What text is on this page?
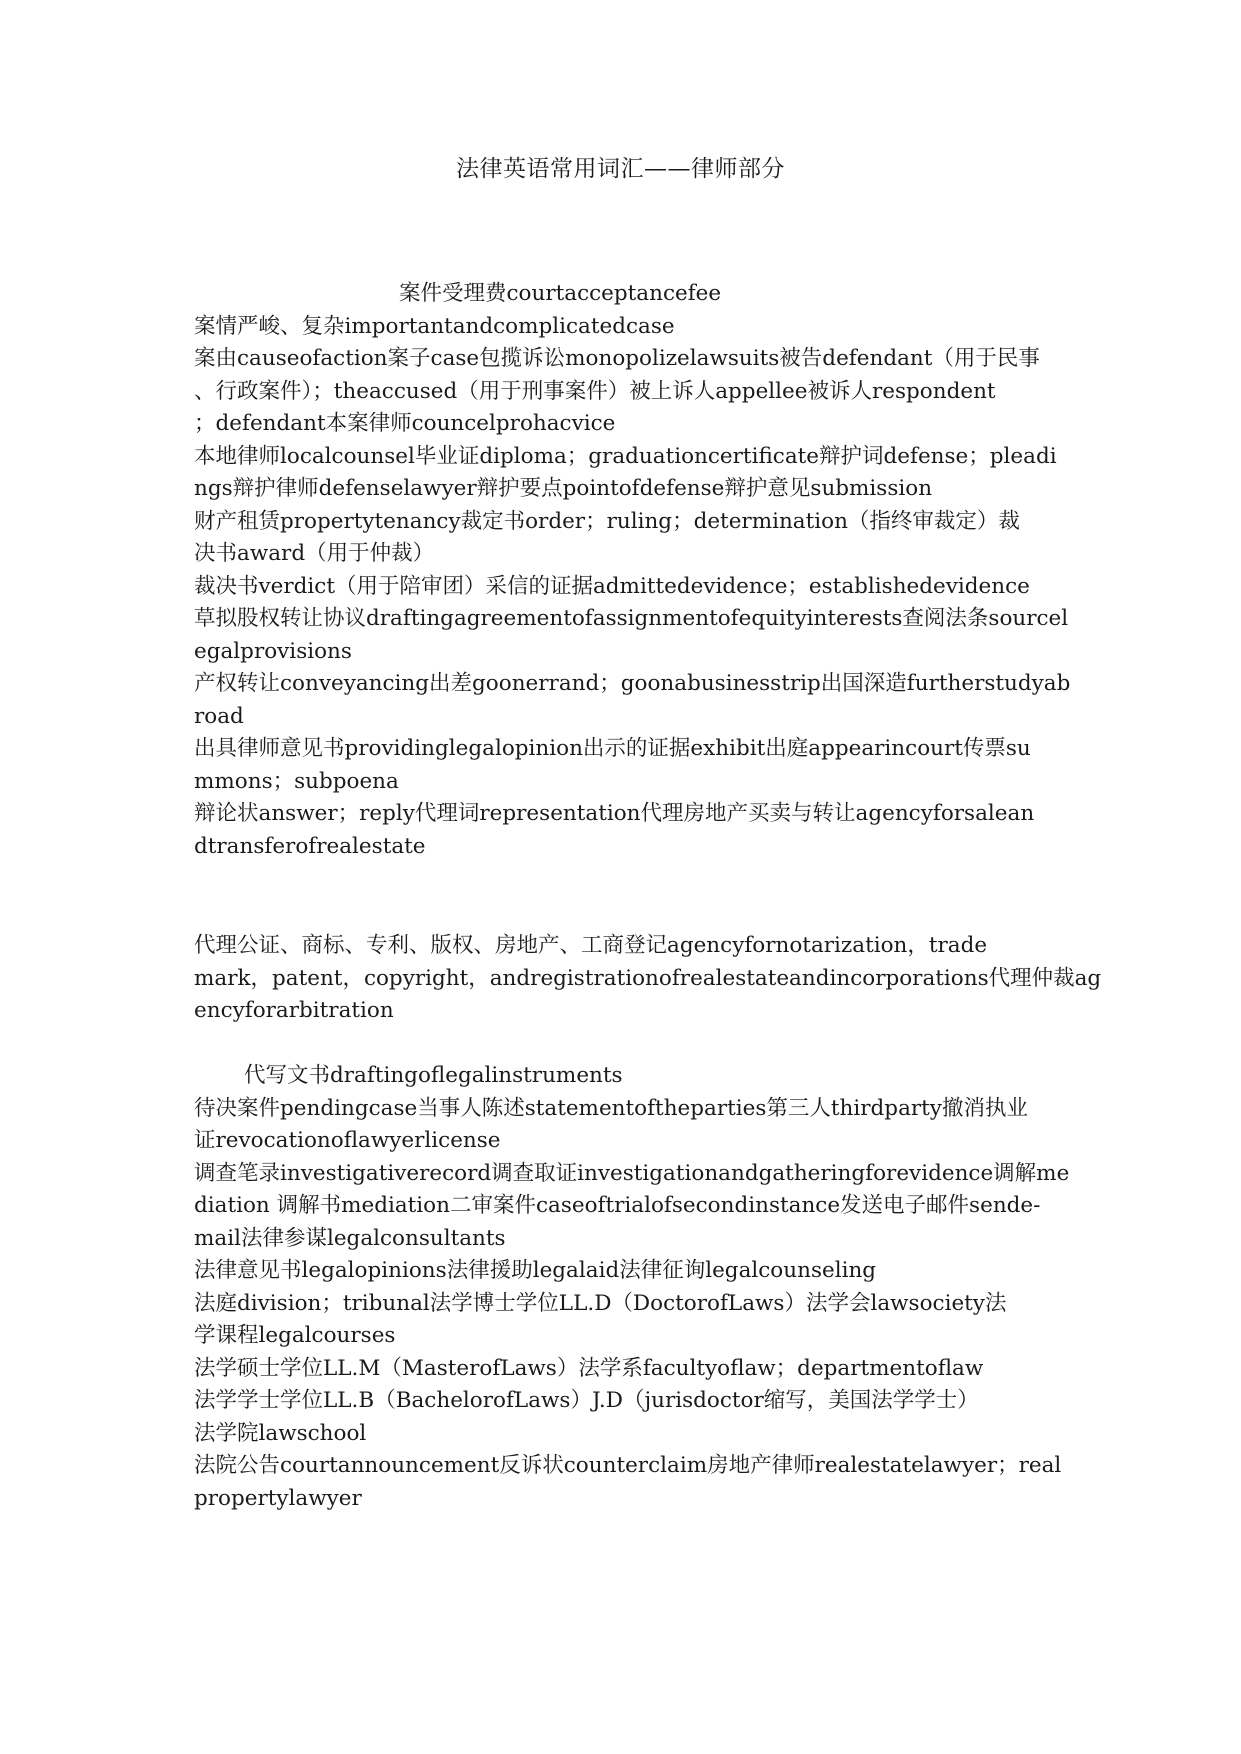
法律英语常用词汇——律师部分
案件受理费courtacceptancefee
案情严峻、复杂importantandcomplicatedcase
案由causeofaction案子case包揽诉讼monopolizelawsuits被告defendant（用于民事
、行政案件）；theaccused（用于刑事案件）被上诉人appellee被诉人respondent
；defendant本案律师councelprohacvice
本地律师localcounsel毕业证diploma；graduationcertificate辩护词defense；pleadi
ngs辩护律师defenselawyer辩护要点pointofdefense辩护意见submission
财产租赁propertytenancy裁定书order；ruling；determination（指终审裁定）裁
决书award（用于仲裁）
裁决书verdict（用于陪审团）采信的证据admittedevidence；establishedevidence
草拟股权转让协议draftingagreementofassignmentofequityinterests查阅法条sourcel
egalprovisions
产权转让conveyancing出差goonerrand；goonabusinesstrip出国深造furtherstudyab
road
出具律师意见书providinglegalopinion出示的证据exhibit出庭appearincourt传票su
mmons；subpoena
辩论状answer；reply代理词representation代理房地产买卖与转让agencyforsalean
dtransferofrealestate
代理公证、商标、专利、版权、房地产、工商登记agencyfornotarization，trade
mark，patent，copyright，andregistrationofrealestateandincorporations代理仲裁ag
encyforarbitration
代写文书draftingoflegalinstruments
待决案件pendingcase当事人陈述statementoftheparties第三人thirdparty撤消执业
证revocationoflawyerlicense
调查笔录investigativerecord调查取证investigationandgatheringforevidence调解me
diation 调解书mediation二审案件caseoftrialofsecondinstance发送电子邮件sende-
mail法律参谋legalconsultants
法律意见书legalopinions法律援助legalaid法律征询legalcounseling
法庭division；tribunal法学博士学位LL.D（DoctorofLaws）法学会lawsociety法
学课程legalcourses
法学硕士学位LL.M（MasterofLaws）法学系facultyoflaw；departmentoflaw
法学学士学位LL.B（BachelorofLaws）J.D（jurisdoctor缩写，美国法学学士）
法学院lawschool
法院公告courtannouncement反诉状counterclaim房地产律师realestatelawyer；real
propertylawyer
